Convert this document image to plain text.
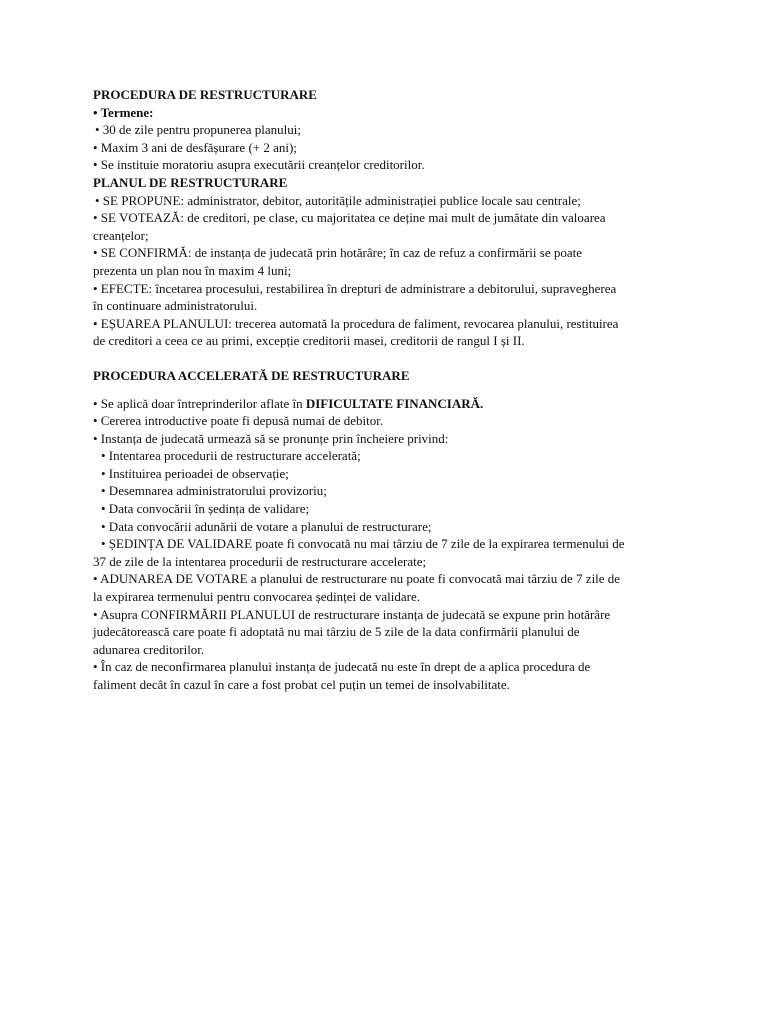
PROCEDURA DE RESTRUCTURARE
• Termene:
• 30 de zile pentru propunerea planului;
• Maxim 3 ani de desfășurare (+ 2 ani);
• Se instituie moratoriu asupra executării creanțelor creditorilor.
PLANUL DE RESTRUCTURARE
• SE PROPUNE: administrator, debitor, autoritățile administrației publice locale sau centrale;
• SE VOTEAZĂ: de creditori, pe clase, cu majoritatea ce deține mai mult de jumătate din valoarea
creanțelor;
• SE CONFIRMĂ: de instanța de judecată prin hotărâre; în caz de refuz a confirmării se poate
prezenta un plan nou în maxim 4 luni;
• EFECTE: încetarea procesului, restabilirea în drepturi de administrare a debitorului, supravegherea
în continuare administratorului.
• EȘUAREA PLANULUI: trecerea automată la procedura de faliment, revocarea planului, restituirea
de creditori a ceea ce au primi, excepție creditorii masei, creditorii de rangul I și II.
PROCEDURA ACCELERATĂ DE RESTRUCTURARE
• Se aplică doar întreprinderilor aflate în DIFICULTATE FINANCIARĂ.
• Cererea introductive poate fi depusă numai de debitor.
• Instanța de judecată urmează să se pronunțe prin încheiere privind:
• Intentarea procedurii de restructurare accelerată;
• Instituirea perioadei de observație;
• Desemnarea administratorului provizoriu;
• Data convocării în ședința de validare;
• Data convocării adunării de votare a planului de restructurare;
• ȘEDINȚA DE VALIDARE poate fi convocată nu mai târziu de 7 zile de la expirarea termenului de
37 de zile de la intentarea procedurii de restructurare accelerate;
• ADUNAREA DE VOTARE a planului de restructurare nu poate fi convocată mai târziu de 7 zile de
la expirarea termenului pentru convocarea ședinței de validare.
• Asupra CONFIRMĂRII PLANULUI de restructurare instanța de judecată se expune prin hotărâre
judecătorească care poate fi adoptată nu mai târziu de 5 zile de la data confirmării planului de
adunarea creditorilor.
• În caz de neconfirmarea planului instanța de judecată nu este în drept de a aplica procedura de
faliment decât în cazul în care a fost probat cel puțin un temei de insolvabilitate.
